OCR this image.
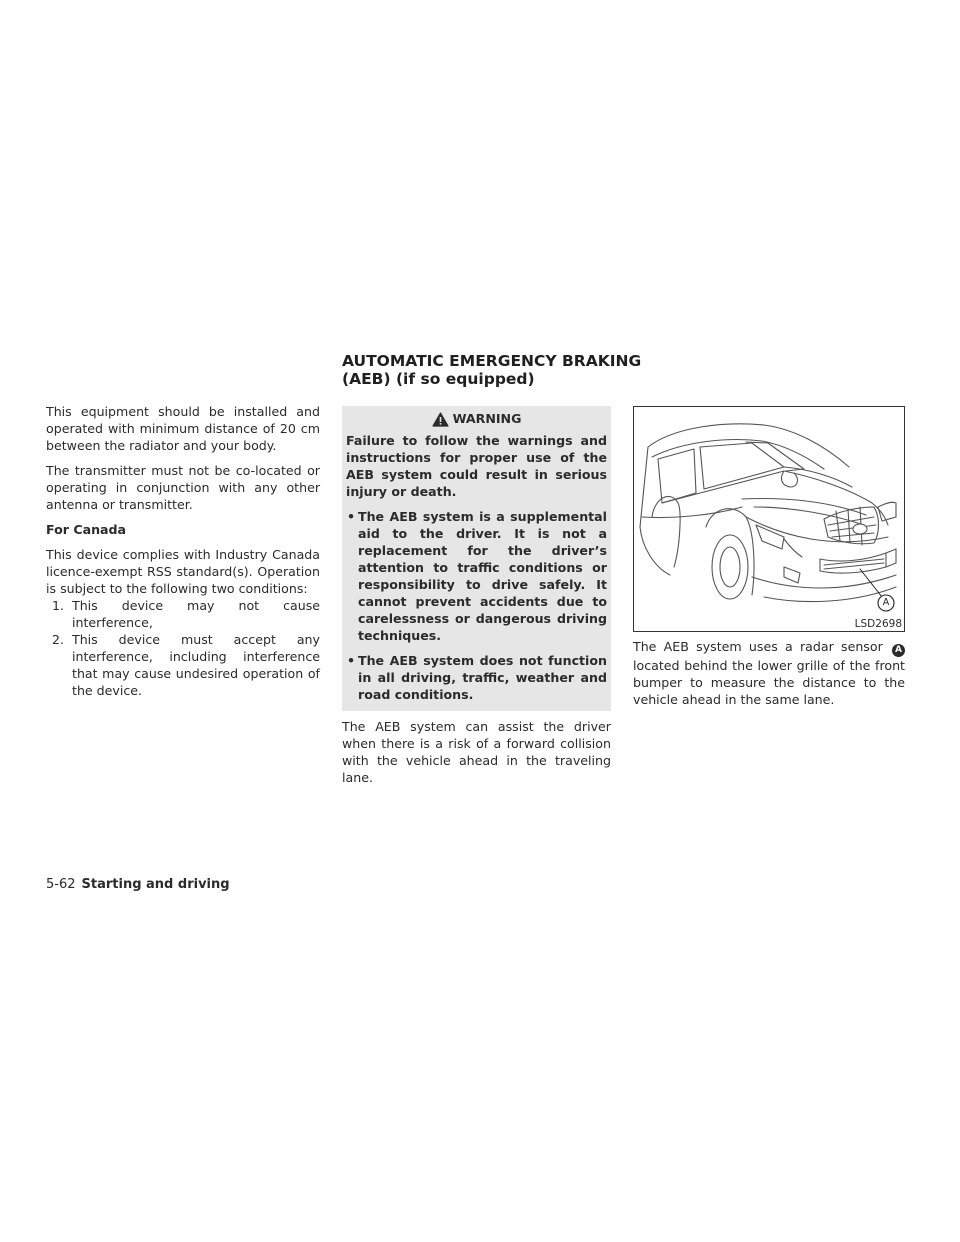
AUTOMATIC EMERGENCY BRAKING
(AEB) (if so equipped)

This equipment should be installed and operated with minimum distance of 20 cm between the radiator and your body.

The transmitter must not be co-located or operating in conjunction with any other antenna or transmitter.

For Canada

This device complies with Industry Canada licence-exempt RSS standard(s). Operation is subject to the following two conditions:

1. This device may not cause interference,
2. This device must accept any interference, including interference that may cause undesired operation of the device.
WARNING

Failure to follow the warnings and instructions for proper use of the AEB system could result in serious injury or death.

• The AEB system is a supplemental aid to the driver. It is not a replacement for the driver’s attention to traffic conditions or responsibility to drive safely. It cannot prevent accidents due to carelessness or dangerous driving techniques.
• The AEB system does not function in all driving, traffic, weather and road conditions.

The AEB system can assist the driver when there is a risk of a forward collision with the vehicle ahead in the traveling lane.

A
LSD2698

The AEB system uses a radar sensor A located behind the lower grille of the front bumper to measure the distance to the vehicle ahead in the same lane.

5-62 Starting and driving
